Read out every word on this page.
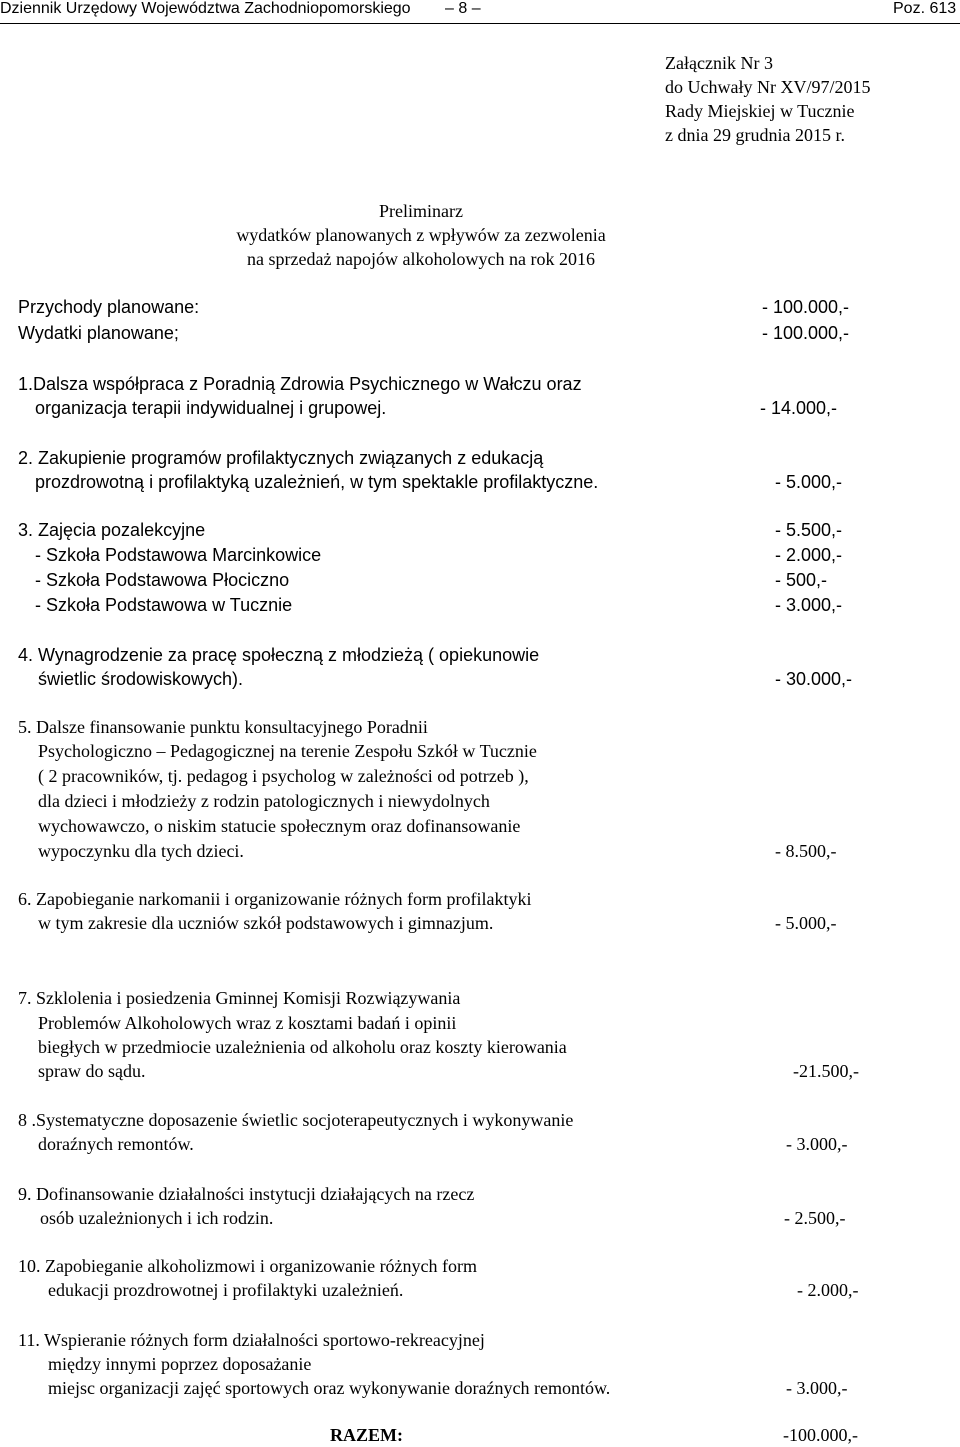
Dziennik Urzędowy Województwa Zachodniopomorskiego – 8 –	Poz. 613
Załącznik Nr 3
do Uchwały Nr XV/97/2015
Rady Miejskiej w Tucznie
z dnia 29 grudnia 2015 r.
Preliminarz
wydatków planowanych z wpływów za zezwolenia
na sprzedaż napojów alkoholowych na rok 2016
Przychody planowane:	- 100.000,-
Wydatki planowane;	- 100.000,-
1.Dalsza współpraca z Poradnią Zdrowia Psychicznego w Wałczu oraz
organizacja terapii indywidualnej i grupowej.	- 14.000,-
2. Zakupienie programów profilaktycznych związanych z edukacją
prozdrowotną i profilaktyką uzależnień, w tym spektakle profilaktyczne.	- 5.000,-
3. Zajęcia pozalekcyjne	- 5.500,-
- Szkoła Podstawowa Marcinkowice	- 2.000,-
- Szkoła Podstawowa Płociczno	- 500,-
- Szkoła Podstawowa w Tucznie	- 3.000,-
4. Wynagrodzenie za pracę społeczną z młodzieżą ( opiekunowie
świetlic środowiskowych).	- 30.000,-
5. Dalsze finansowanie punktu konsultacyjnego Poradnii
Psychologiczno – Pedagogicznej na terenie Zespołu Szkół w Tucznie
( 2 pracowników, tj. pedagog i psycholog w zależności od potrzeb ),
dla dzieci i młodzieży z rodzin patologicznych i niewydolnych
wychowawczo, o niskim statucie społecznym oraz dofinansowanie
wypoczynku dla tych dzieci.	- 8.500,-
6. Zapobieganie narkomanii i organizowanie różnych form profilaktyki
w tym zakresie dla uczniów szkół podstawowych i gimnazjum.	- 5.000,-
7. Szklolenia i posiedzenia Gminnej Komisji Rozwiązywania
Problemów Alkoholowych wraz z kosztami badań i opinii
biegłych w przedmiocie uzależnienia od alkoholu oraz koszty kierowania
spraw do sądu.	-21.500,-
8 .Systematyczne doposazenie świetlic socjoterapeutycznych i wykonywanie
doraźnych remontów.	- 3.000,-
9. Dofinansowanie działalności instytucji działających na rzecz
osób uzależnionych i ich rodzin.	- 2.500,-
10. Zapobieganie alkoholizmowi i organizowanie różnych form
edukacji prozdrowotnej i profilaktyki uzależnień.	- 2.000,-
11. Wspieranie różnych form działalności sportowo-rekreacyjnej
między innymi poprzez doposażanie
miejsc organizacji zajęć sportowych oraz wykonywanie doraźnych remontów.	- 3.000,-
RAZEM:	-100.000,-
